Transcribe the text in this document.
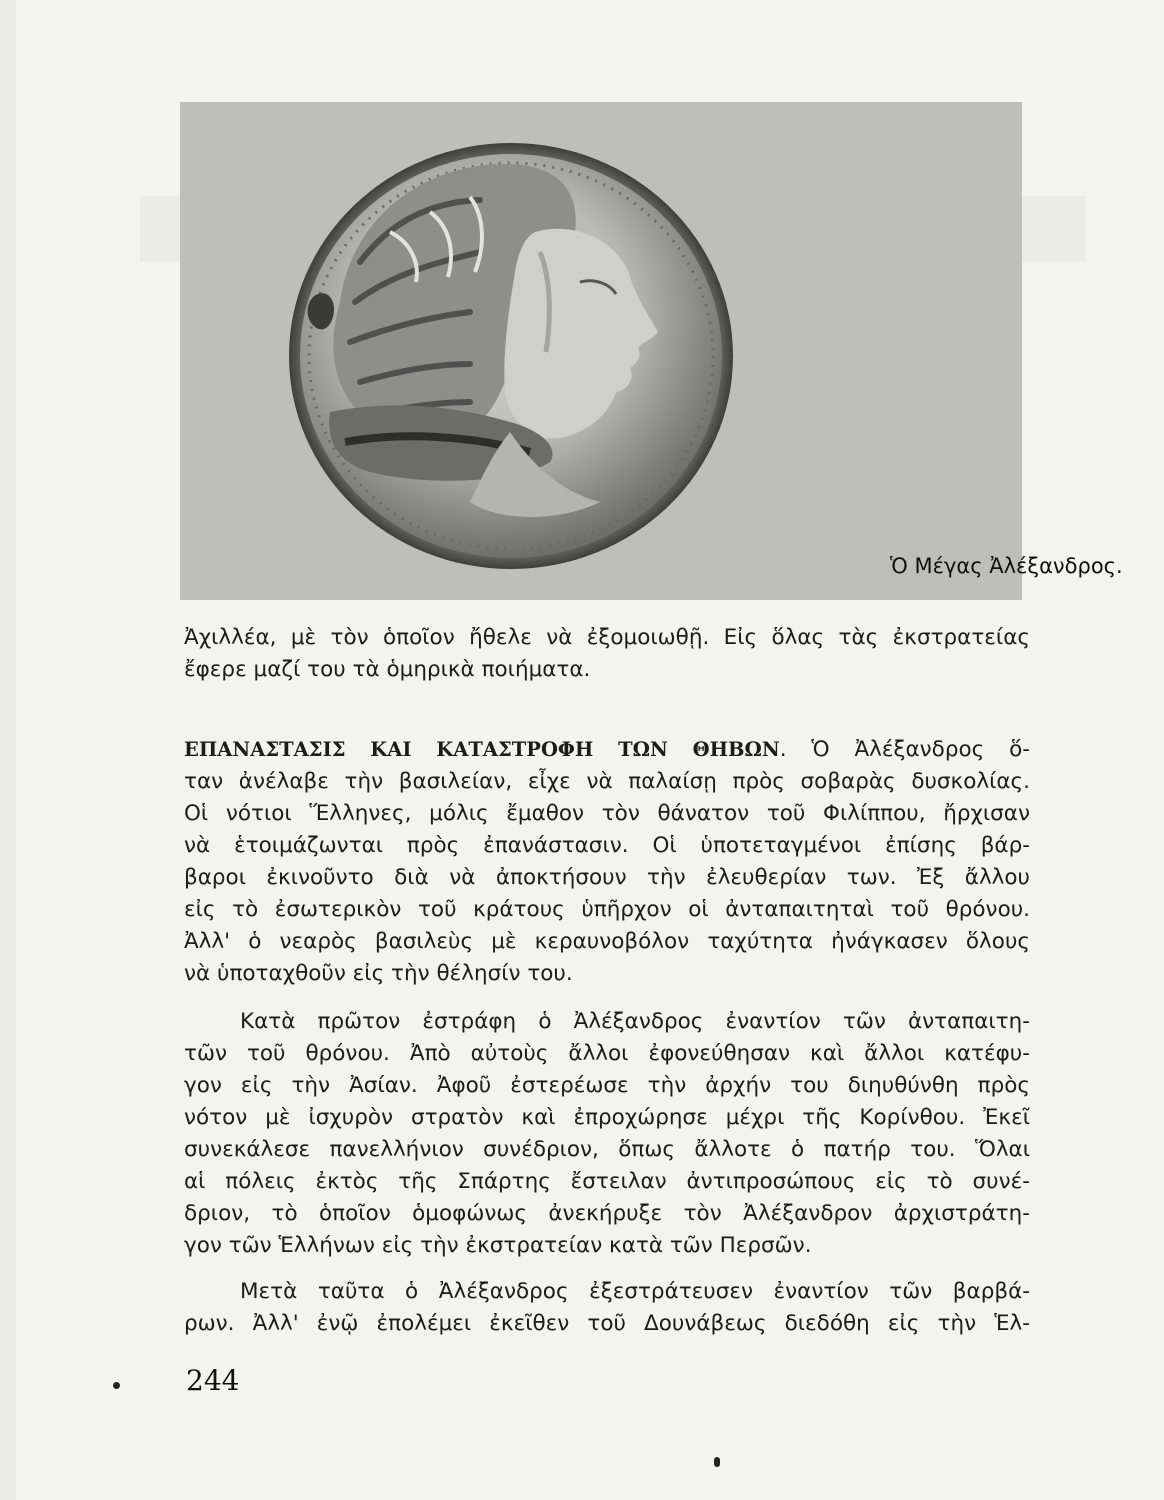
Ὁ Μέγας Ἀλέξανδρος.
Ἀχιλλέα, μὲ τὸν ὁποῖον ἤθελε νὰ ἐξομοιωθῇ. Εἰς ὅλας τὰς ἐκστρατείας
ἔφερε μαζί του τὰ ὁμηρικὰ ποιήματα.
ΕΠΑΝΑΣΤΑΣΙΣ ΚΑΙ ΚΑΤΑΣΤΡΟΦΗ ΤΩΝ ΘΗΒΩΝ. Ὁ Ἀλέξανδρος ὅ-
ταν ἀνέλαβε τὴν βασιλείαν, εἶχε νὰ παλαίσῃ πρὸς σοβαρὰς δυσκολίας.
Οἱ νότιοι Ἕλληνες, μόλις ἔμαθον τὸν θάνατον τοῦ Φιλίππου, ἤρχισαν
νὰ ἑτοιμάζωνται πρὸς ἐπανάστασιν. Οἱ ὑποτεταγμένοι ἐπίσης βάρ-
βαροι ἐκινοῦντο διὰ νὰ ἀποκτήσουν τὴν ἐλευθερίαν των. Ἐξ ἄλλου
εἰς τὸ ἐσωτερικὸν τοῦ κράτους ὑπῆρχον οἱ ἀνταπαιτηταὶ τοῦ θρόνου.
Ἀλλ' ὁ νεαρὸς βασιλεὺς μὲ κεραυνοβόλον ταχύτητα ἠνάγκασεν ὅλους
νὰ ὑποταχθοῦν εἰς τὴν θέλησίν του.
Κατὰ πρῶτον ἐστράφη ὁ Ἀλέξανδρος ἐναντίον τῶν ἀνταπαιτη-
τῶν τοῦ θρόνου. Ἀπὸ αὐτοὺς ἄλλοι ἐφονεύθησαν καὶ ἄλλοι κατέφυ-
γον εἰς τὴν Ἀσίαν. Ἀφοῦ ἐστερέωσε τὴν ἀρχήν του διηυθύνθη πρὸς
νότον μὲ ἰσχυρὸν στρατὸν καὶ ἐπροχώρησε μέχρι τῆς Κορίνθου. Ἐκεῖ
συνεκάλεσε πανελλήνιον συνέδριον, ὅπως ἄλλοτε ὁ πατήρ του. Ὅλαι
αἱ πόλεις ἐκτὸς τῆς Σπάρτης ἔστειλαν ἀντιπροσώπους εἰς τὸ συνέ-
δριον, τὸ ὁποῖον ὁμοφώνως ἀνεκήρυξε τὸν Ἀλέξανδρον ἀρχιστράτη-
γον τῶν Ἑλλήνων εἰς τὴν ἐκστρατείαν κατὰ τῶν Περσῶν.
Μετὰ ταῦτα ὁ Ἀλέξανδρος ἐξεστράτευσεν ἐναντίον τῶν βαρβά-
ρων. Ἀλλ' ἐνῷ ἐπολέμει ἐκεῖθεν τοῦ Δουνάβεως διεδόθη εἰς τὴν Ἑλ-
244
